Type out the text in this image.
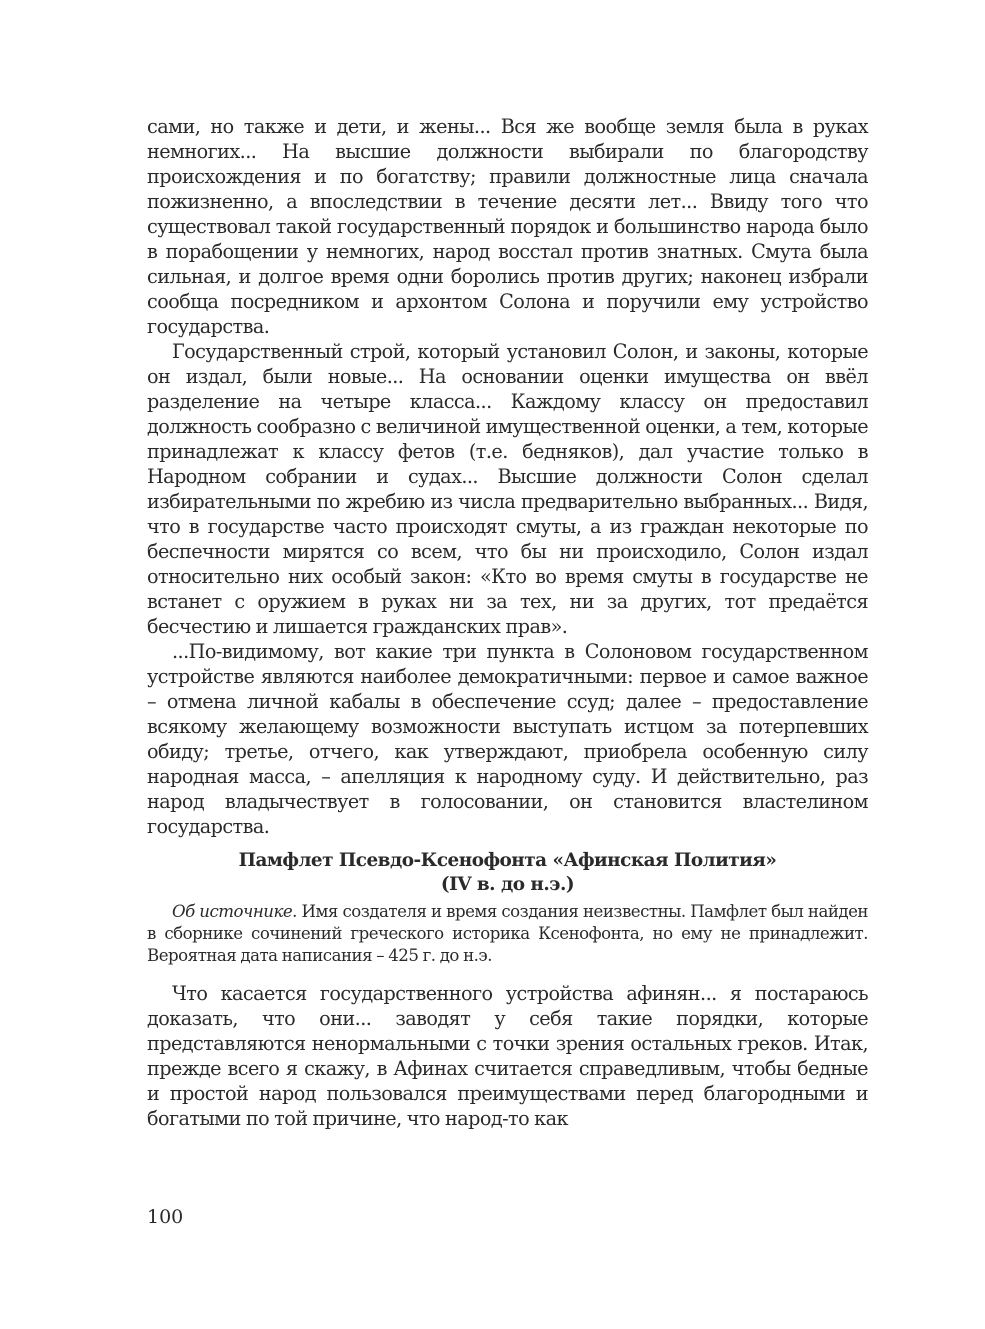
сами, но также и дети, и жены... Вся же вообще земля была в руках немногих... На высшие должности выбирали по благородству происхождения и по богатству; правили должностные лица сначала пожизненно, а впоследствии в течение десяти лет... Ввиду того что существовал такой государственный порядок и большинство народа было в порабощении у немногих, народ восстал против знатных. Смута была сильная, и долгое время одни боролись против других; наконец избрали сообща посредником и архонтом Солона и поручили ему устройство государства.

Государственный строй, который установил Солон, и законы, которые он издал, были новые... На основании оценки имущества он ввёл разделение на четыре класса... Каждому классу он предоставил должность сообразно с величиной имущественной оценки, а тем, которые принадлежат к классу фетов (т.е. бедняков), дал участие только в Народном собрании и судах... Высшие должности Солон сделал избирательными по жребию из числа предварительно выбранных... Видя, что в государстве часто происходят смуты, а из граждан некоторые по беспечности мирятся со всем, что бы ни происходило, Солон издал относительно них особый закон: «Кто во время смуты в государстве не встанет с оружием в руках ни за тех, ни за других, тот предаётся бесчестию и лишается гражданских прав».

...По-видимому, вот какие три пункта в Солоновом государственном устройстве являются наиболее демократичными: первое и самое важное – отмена личной кабалы в обеспечение ссуд; далее – предоставление всякому желающему возможности выступать истцом за потерпевших обиду; третье, отчего, как утверждают, приобрела особенную силу народная масса, – апелляция к народному суду. И действительно, раз народ владычествует в голосовании, он становится властелином государства.

Памфлет Псевдо-Ксенофонта «Афинская Полития»
(IV в. до н.э.)

Об источнике. Имя создателя и время создания неизвестны. Памфлет был найден в сборнике сочинений греческого историка Ксенофонта, но ему не принадлежит. Вероятная дата написания – 425 г. до н.э.

Что касается государственного устройства афинян... я постараюсь доказать, что они... заводят у себя такие порядки, которые представляются ненормальными с точки зрения остальных греков. Итак, прежде всего я скажу, в Афинах считается справедливым, чтобы бедные и простой народ пользовался преимуществами перед благородными и богатыми по той причине, что народ-то как

100
